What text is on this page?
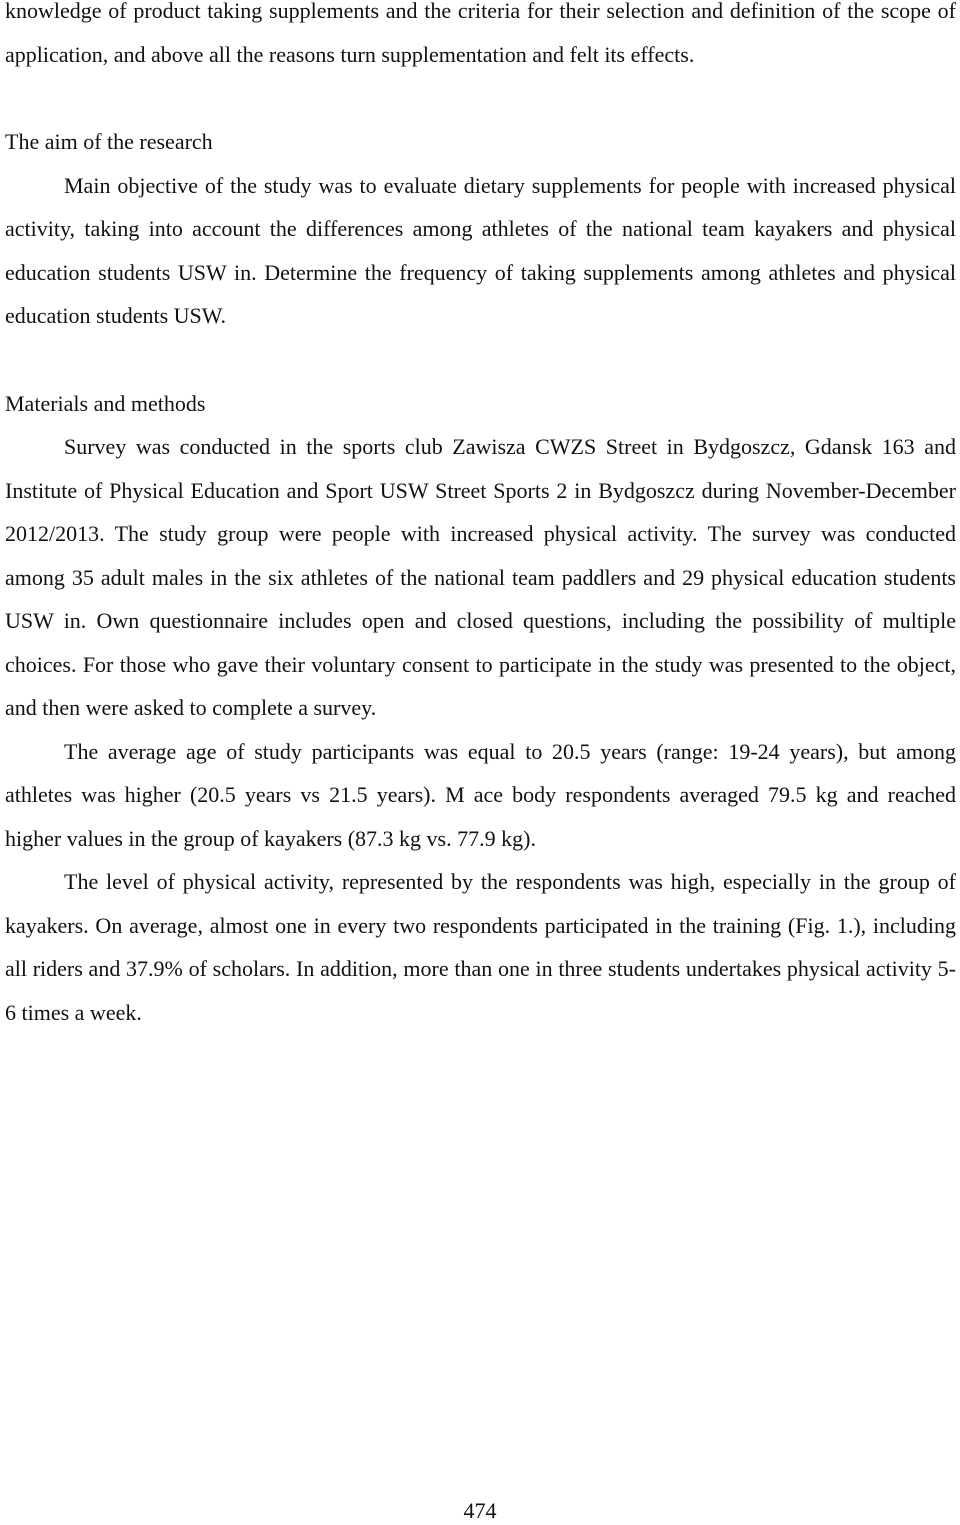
knowledge of product taking supplements and the criteria for their selection and definition of the scope of application, and above all the reasons turn supplementation and felt its effects.

The aim of the research

Main objective of the study was to evaluate dietary supplements for people with increased physical activity, taking into account the differences among athletes of the national team kayakers and physical education students USW in. Determine the frequency of taking supplements among athletes and physical education students USW.

Materials and methods

Survey was conducted in the sports club Zawisza CWZS Street in Bydgoszcz, Gdansk 163 and Institute of Physical Education and Sport USW Street Sports 2 in Bydgoszcz during November-December 2012/2013. The study group were people with increased physical activity. The survey was conducted among 35 adult males in the six athletes of the national team paddlers and 29 physical education students USW in. Own questionnaire includes open and closed questions, including the possibility of multiple choices. For those who gave their voluntary consent to participate in the study was presented to the object, and then were asked to complete a survey.

The average age of study participants was equal to 20.5 years (range: 19-24 years), but among athletes was higher (20.5 years vs 21.5 years). M ace body respondents averaged 79.5 kg and reached higher values in the group of kayakers (87.3 kg vs. 77.9 kg).

The level of physical activity, represented by the respondents was high, especially in the group of kayakers. On average, almost one in every two respondents participated in the training (Fig. 1.), including all riders and 37.9% of scholars. In addition, more than one in three students undertakes physical activity 5-6 times a week.

474
